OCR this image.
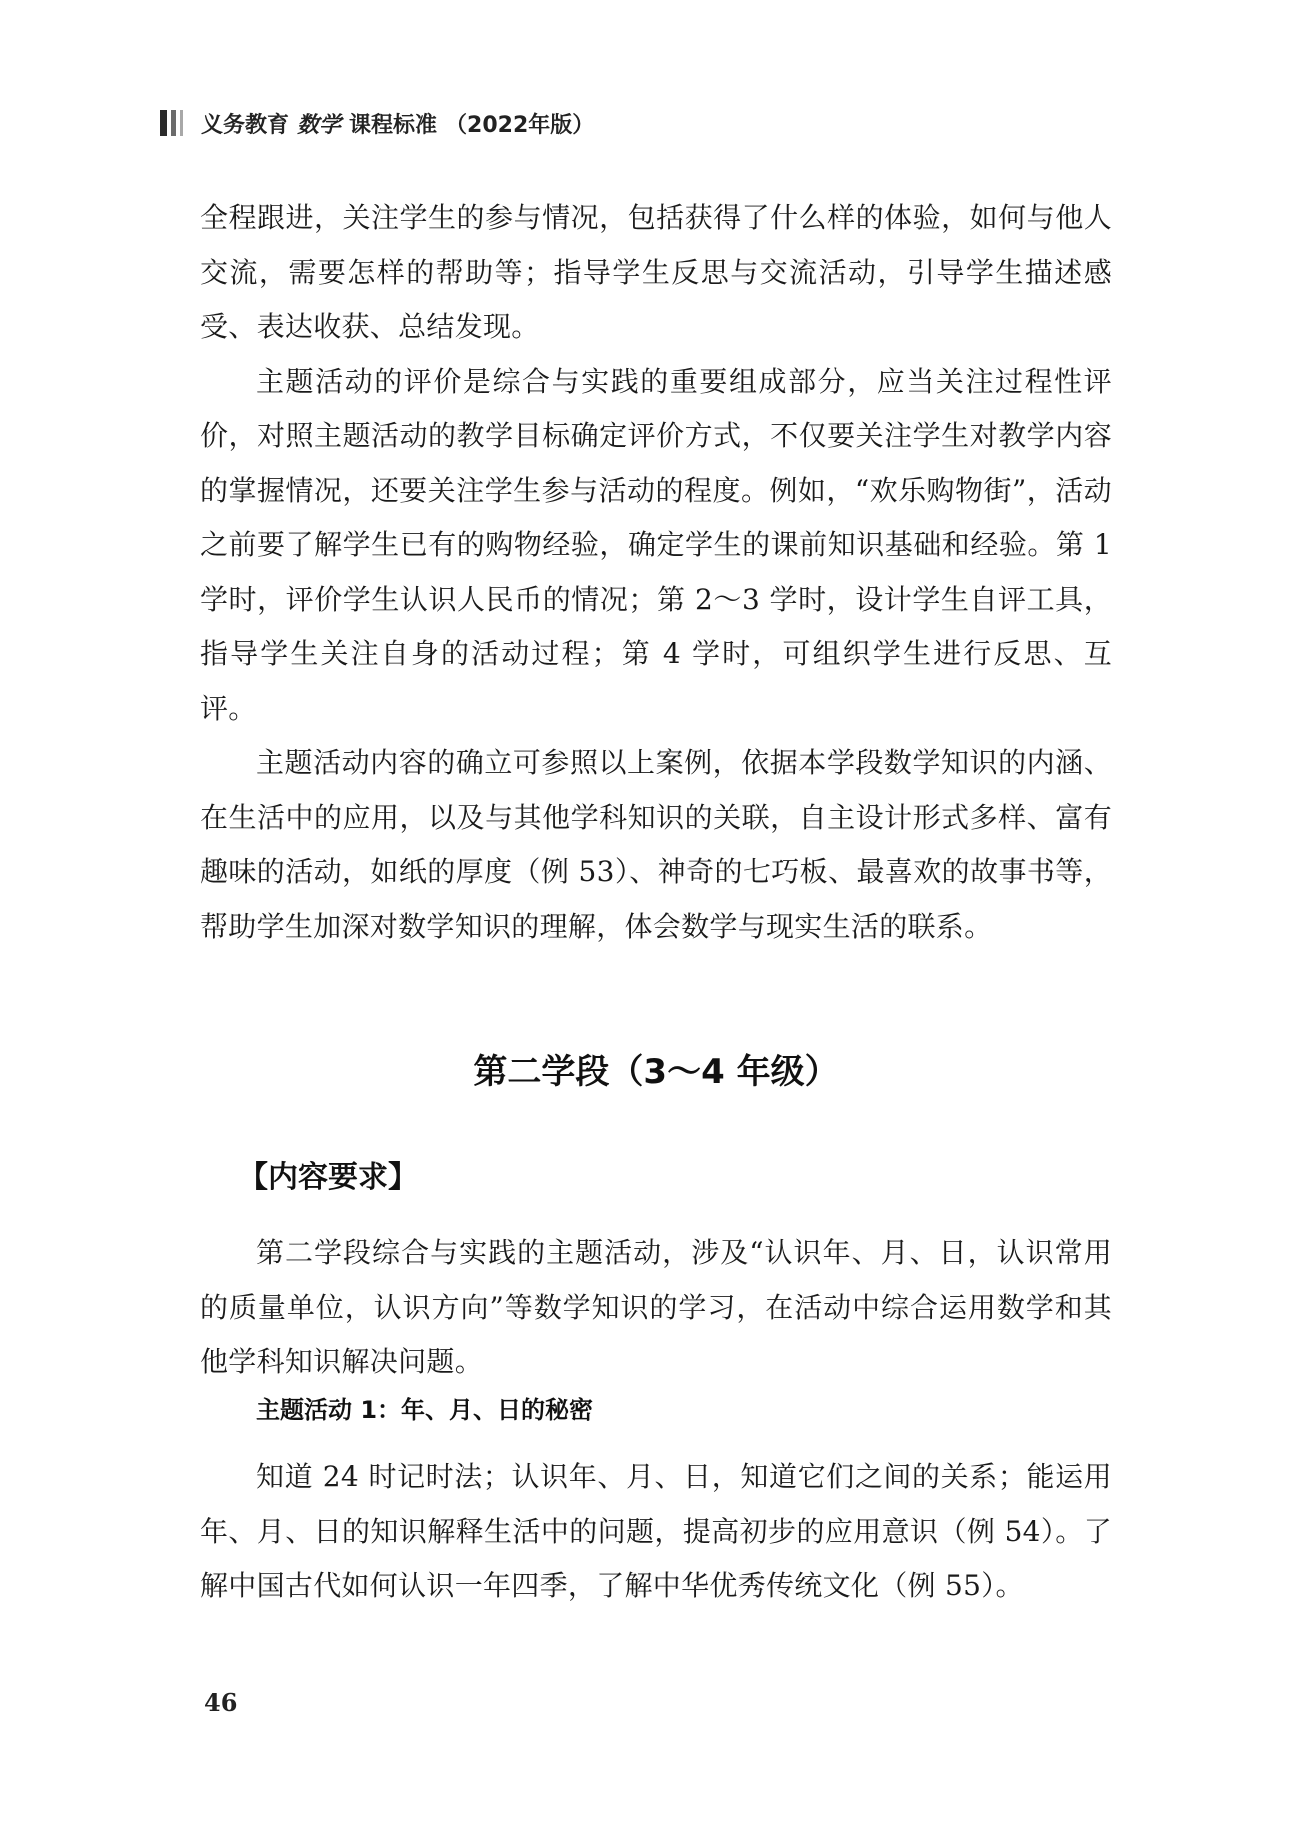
义务教育 数学 课程标准 （2022年版）

全程跟进，关注学生的参与情况，包括获得了什么样的体验，如何与他人交流，需要怎样的帮助等；指导学生反思与交流活动，引导学生描述感受、表达收获、总结发现。

主题活动的评价是综合与实践的重要组成部分，应当关注过程性评价，对照主题活动的教学目标确定评价方式，不仅要关注学生对教学内容的掌握情况，还要关注学生参与活动的程度。例如，“欢乐购物街”，活动之前要了解学生已有的购物经验，确定学生的课前知识基础和经验。第 1 学时，评价学生认识人民币的情况；第 2～3 学时，设计学生自评工具，指导学生关注自身的活动过程；第 4 学时，可组织学生进行反思、互评。

主题活动内容的确立可参照以上案例，依据本学段数学知识的内涵、在生活中的应用，以及与其他学科知识的关联，自主设计形式多样、富有趣味的活动，如纸的厚度（例 53）、神奇的七巧板、最喜欢的故事书等，帮助学生加深对数学知识的理解，体会数学与现实生活的联系。

第二学段（3～4 年级）
【内容要求】

第二学段综合与实践的主题活动，涉及“认识年、月、日，认识常用的质量单位，认识方向”等数学知识的学习，在活动中综合运用数学和其他学科知识解决问题。

主题活动 1：年、月、日的秘密

知道 24 时记时法；认识年、月、日，知道它们之间的关系；能运用年、月、日的知识解释生活中的问题，提高初步的应用意识（例 54）。了解中国古代如何认识一年四季，了解中华优秀传统文化（例 55）。

46
